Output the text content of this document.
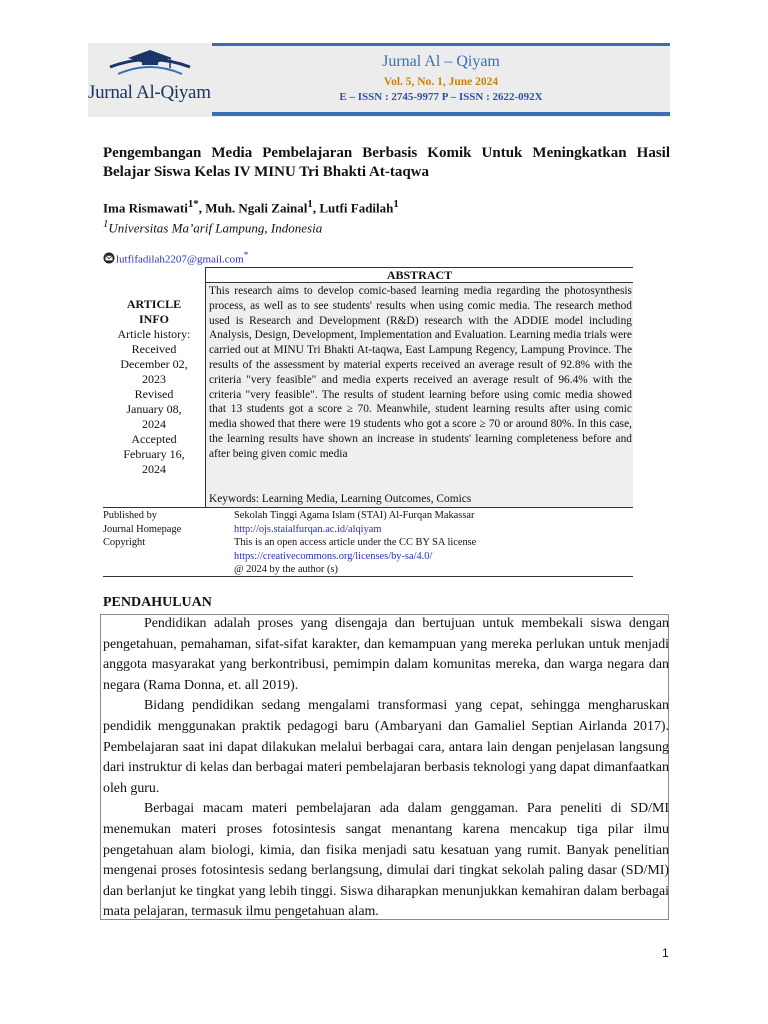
Jurnal Al-Qiyam
Jurnal Al – Qiyam
Vol. 5, No. 1, June 2024
E – ISSN : 2745-9977 P – ISSN : 2622-092X
Pengembangan Media Pembelajaran Berbasis Komik Untuk Meningkatkan Hasil Belajar Siswa Kelas IV MINU Tri Bhakti At-taqwa
Ima Rismawati$^{1*}$, Muh. Ngali Zainal$^1$, Lutfi Fadilah$^1$
$^1$Universitas Ma’arif Lampung, Indonesia
lutfifadilah2207@gmail.com*
ABSTRACT
This research aims to develop comic-based learning media regarding the photosynthesis process, as well as to see students' results when using comic media. The research method used is Research and Development (R&D) research with the ADDIE model including Analysis, Design, Development, Implementation and Evaluation. Learning media trials were carried out at MINU Tri Bhakti At-taqwa, East Lampung Regency, Lampung Province. The results of the assessment by material experts received an average result of 92.8% with the criteria "very feasible" and media experts received an average result of 96.4% with the criteria "very feasible". The results of student learning before using comic media showed that 13 students got a score ≥ 70. Meanwhile, student learning results after using comic media showed that there were 19 students who got a score ≥ 70 or around 80%. In this case, the learning results have shown an increase in students' learning completeness before and after being given comic media
Keywords: Learning Media, Learning Outcomes, Comics
ARTICLE
INFO
Article history:
Received
December 02,
2023
Revised
January 08,
2024
Accepted
February 16,
2024
Published by
Journal Homepage
Copyright
Sekolah Tinggi Agama Islam (STAI) Al-Furqan Makassar
http://ojs.staialfurqan.ac.id/alqiyam
This is an open access article under the CC BY SA license
https://creativecommons.org/licenses/by-sa/4.0/
@ 2024 by the author (s)
PENDAHULUAN

Pendidikan adalah proses yang disengaja dan bertujuan untuk membekali siswa dengan pengetahuan, pemahaman, sifat-sifat karakter, dan kemampuan yang mereka perlukan untuk menjadi anggota masyarakat yang berkontribusi, pemimpin dalam komunitas mereka, dan warga negara dan negara (Rama Donna, et. all 2019).

Bidang pendidikan sedang mengalami transformasi yang cepat, sehingga mengharuskan pendidik menggunakan praktik pedagogi baru (Ambaryani dan Gamaliel Septian Airlanda 2017). Pembelajaran saat ini dapat dilakukan melalui berbagai cara, antara lain dengan penjelasan langsung dari instruktur di kelas dan berbagai materi pembelajaran berbasis teknologi yang dapat dimanfaatkan oleh guru.

Berbagai macam materi pembelajaran ada dalam genggaman. Para peneliti di SD/MI menemukan materi proses fotosintesis sangat menantang karena mencakup tiga pilar ilmu pengetahuan alam biologi, kimia, dan fisika menjadi satu kesatuan yang rumit. Banyak penelitian mengenai proses fotosintesis sedang berlangsung, dimulai dari tingkat sekolah paling dasar (SD/MI) dan berlanjut ke tingkat yang lebih tinggi. Siswa diharapkan menunjukkan kemahiran dalam berbagai mata pelajaran, termasuk ilmu pengetahuan alam.

1
